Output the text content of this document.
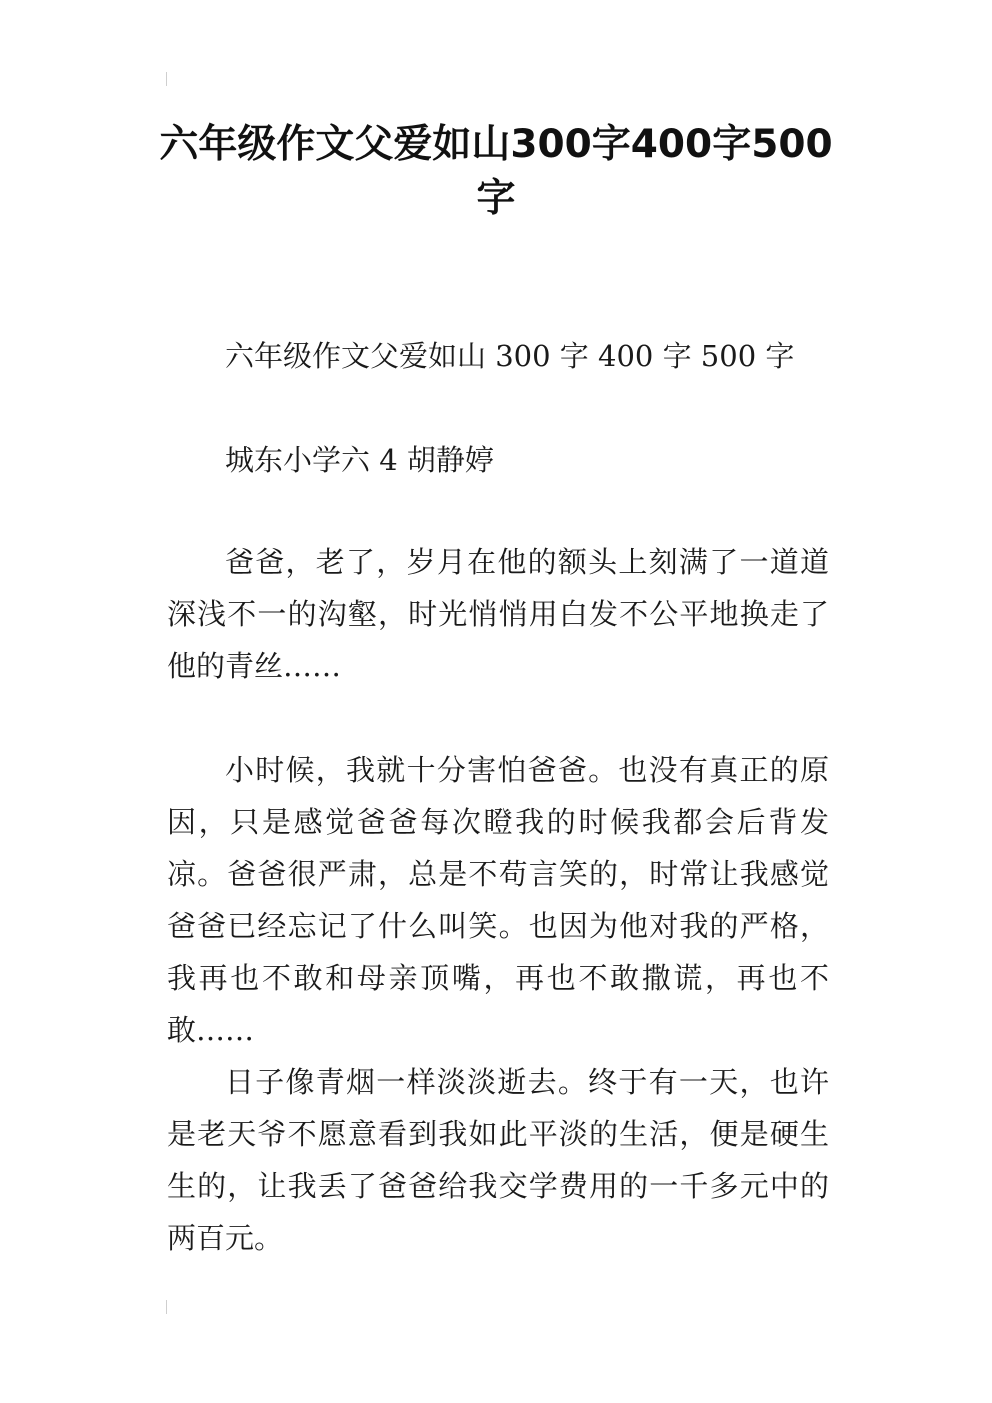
六年级作文父爱如山300字400字500字

六年级作文父爱如山 300 字 400 字 500 字

城东小学六 4 胡静婷

爸爸，老了，岁月在他的额头上刻满了一道道深浅不一的沟壑，时光悄悄用白发不公平地换走了他的青丝……

小时候，我就十分害怕爸爸。也没有真正的原因，只是感觉爸爸每次瞪我的时候我都会后背发凉。爸爸很严肃，总是不苟言笑的，时常让我感觉爸爸已经忘记了什么叫笑。也因为他对我的严格，我再也不敢和母亲顶嘴，再也不敢撒谎，再也不敢……

日子像青烟一样淡淡逝去。终于有一天，也许是老天爷不愿意看到我如此平淡的生活，便是硬生生的，让我丢了爸爸给我交学费用的一千多元中的两百元。
